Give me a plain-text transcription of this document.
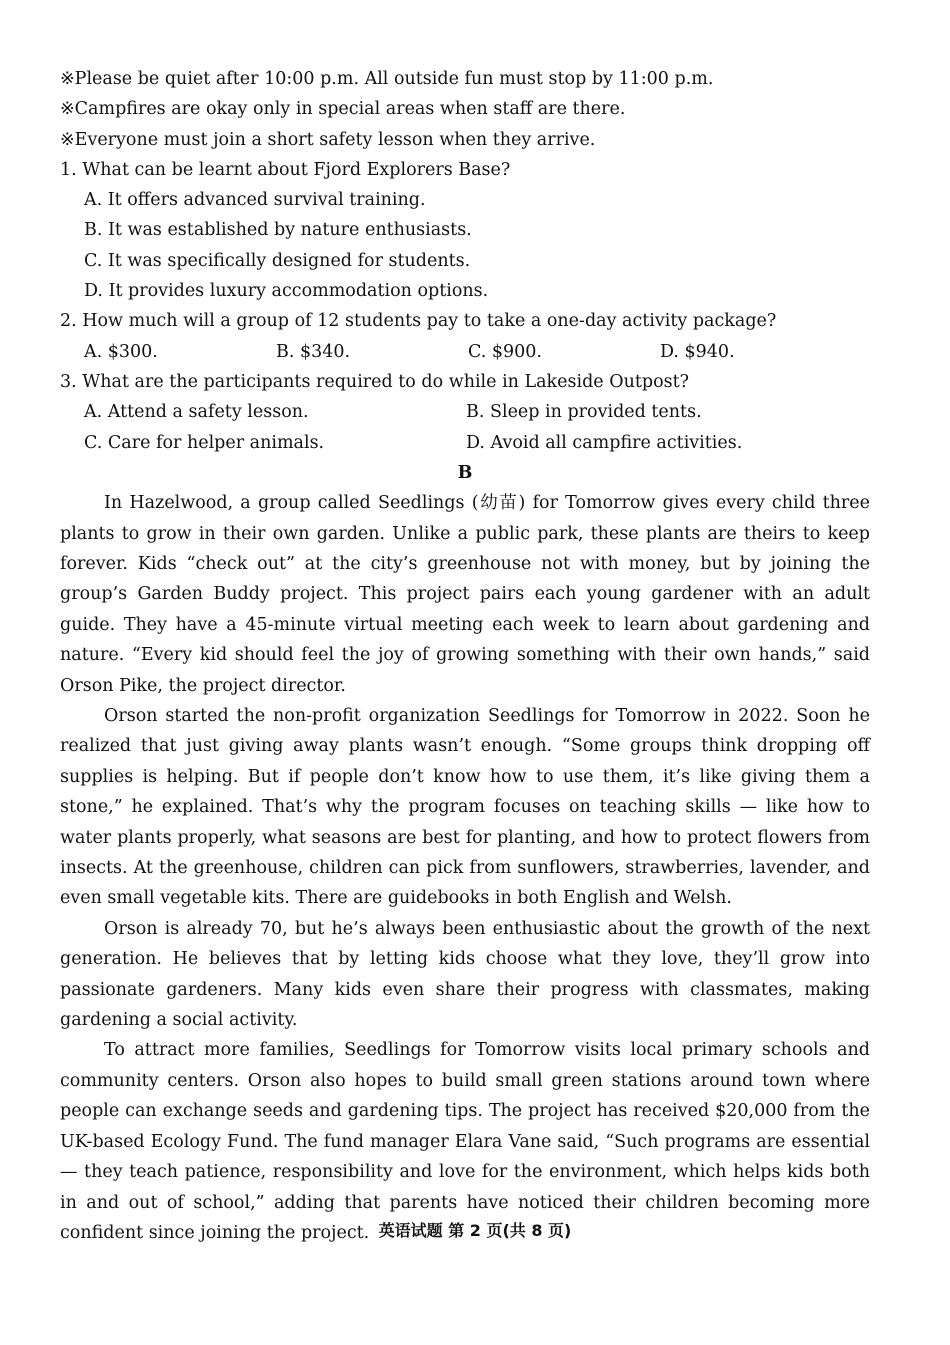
※Please be quiet after 10:00 p.m. All outside fun must stop by 11:00 p.m.
※Campfires are okay only in special areas when staff are there.
※Everyone must join a short safety lesson when they arrive.
1. What can be learnt about Fjord Explorers Base?
A. It offers advanced survival training.
B. It was established by nature enthusiasts.
C. It was specifically designed for students.
D. It provides luxury accommodation options.
2. How much will a group of 12 students pay to take a one-day activity package?
A. $300.	B. $340.	C. $900.	D. $940.
3. What are the participants required to do while in Lakeside Outpost?
A. Attend a safety lesson.	B. Sleep in provided tents.
C. Care for helper animals.	D. Avoid all campfire activities.
B

In Hazelwood, a group called Seedlings (幼苗) for Tomorrow gives every child three plants to grow in their own garden. Unlike a public park, these plants are theirs to keep forever. Kids “check out” at the city’s greenhouse not with money, but by joining the group’s Garden Buddy project. This project pairs each young gardener with an adult guide. They have a 45-minute virtual meeting each week to learn about gardening and nature. “Every kid should feel the joy of growing something with their own hands,” said Orson Pike, the project director.

Orson started the non-profit organization Seedlings for Tomorrow in 2022. Soon he realized that just giving away plants wasn’t enough. “Some groups think dropping off supplies is helping. But if people don’t know how to use them, it’s like giving them a stone,” he explained. That’s why the program focuses on teaching skills — like how to water plants properly, what seasons are best for planting, and how to protect flowers from insects. At the greenhouse, children can pick from sunflowers, strawberries, lavender, and even small vegetable kits. There are guidebooks in both English and Welsh.

Orson is already 70, but he’s always been enthusiastic about the growth of the next generation. He believes that by letting kids choose what they love, they’ll grow into passionate gardeners. Many kids even share their progress with classmates, making gardening a social activity.

To attract more families, Seedlings for Tomorrow visits local primary schools and community centers. Orson also hopes to build small green stations around town where people can exchange seeds and gardening tips. The project has received $20,000 from the UK-based Ecology Fund. The fund manager Elara Vane said, “Such programs are essential — they teach patience, responsibility and love for the environment, which helps kids both in and out of school,” adding that parents have noticed their children becoming more confident since joining the project. 英语试题 第 2 页(共 8 页)
